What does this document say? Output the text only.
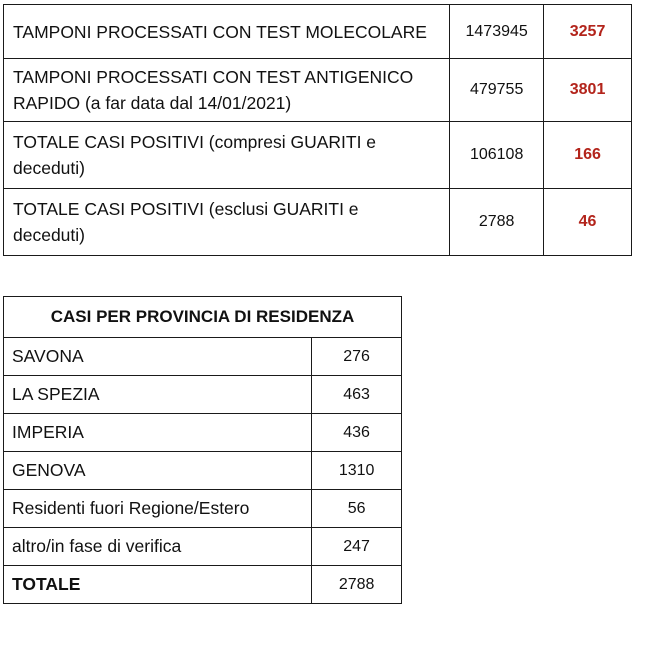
TAMPONI PROCESSATI CON TEST MOLECOLARE	1473945	3257
TAMPONI PROCESSATI CON TEST ANTIGENICO
RAPIDO (a far data dal 14/01/2021)	479755	3801
TOTALE CASI POSITIVI (compresi GUARITI e
deceduti)	106108	166
TOTALE CASI POSITIVI (esclusi GUARITI e
deceduti)	2788	46
CASI PER PROVINCIA DI RESIDENZA	
SAVONA	276
LA SPEZIA	463
IMPERIA	436
GENOVA	1310
Residenti fuori Regione/Estero	56
altro/in fase di verifica	247
TOTALE	2788
